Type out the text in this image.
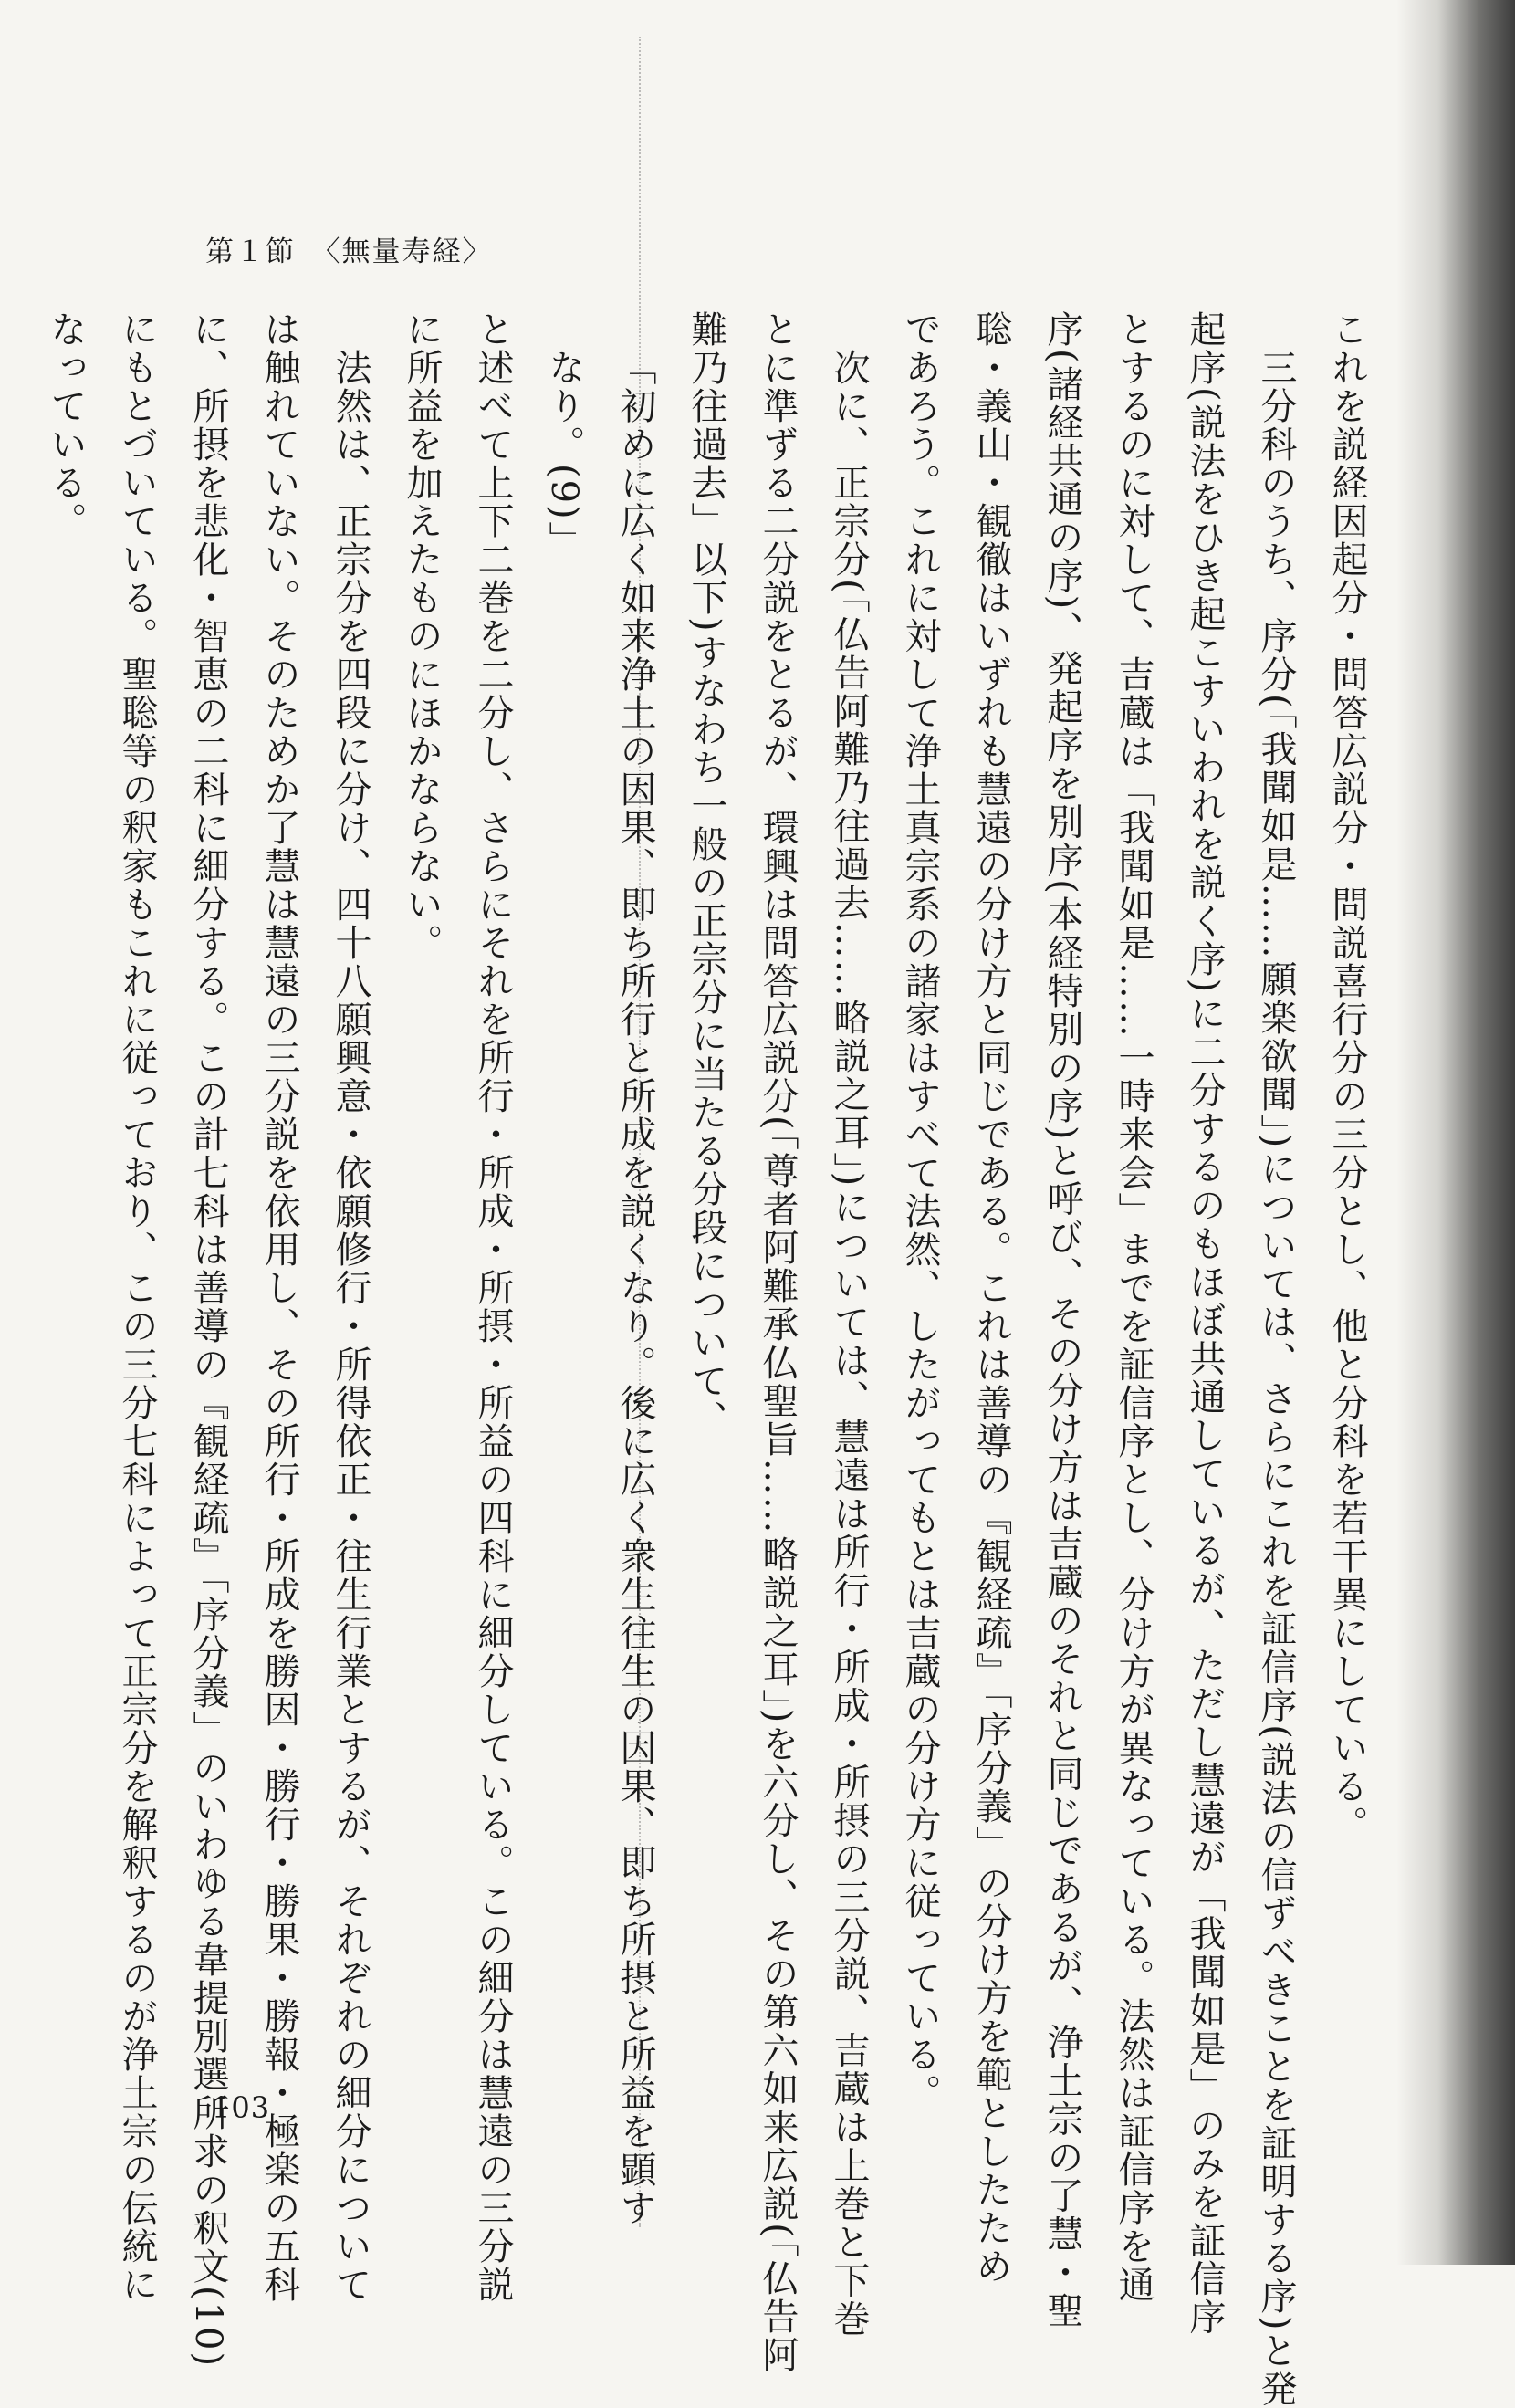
第１節　 〈無量寿経〉

これを説経因起分・問答広説分・問説喜行分の三分とし、他と分科を若干異にしている。

三分科のうち、序分(「我聞如是……願楽欲聞」)については、さらにこれを証信序(説法の信ずべきことを証明する序)と発

起序(説法をひき起こすいわれを説く序)に二分するのもほぼ共通しているが、ただし慧遠が「我聞如是」のみを証信序

とするのに対して、吉蔵は「我聞如是……一時来会」までを証信序とし、分け方が異なっている。法然は証信序を通

序(諸経共通の序)、発起序を別序(本経特別の序)と呼び、その分け方は吉蔵のそれと同じであるが、浄土宗の了慧・聖

聡・義山・観徹はいずれも慧遠の分け方と同じである。これは善導の『観経疏』「序分義」の分け方を範としたため

であろう。これに対して浄土真宗系の諸家はすべて法然、したがってもとは吉蔵の分け方に従っている。

次に、正宗分(「仏告阿難乃往過去……略説之耳」)については、慧遠は所行・所成・所摂の三分説、吉蔵は上巻と下巻

とに準ずる二分説をとるが、環興は問答広説分(「尊者阿難承仏聖旨……略説之耳」)を六分し、その第六如来広説(「仏告阿

難乃往過去」以下)すなわち一般の正宗分に当たる分段について、

「初めに広く如来浄土の因果、即ち所行と所成を説くなり。後に広く衆生往生の因果、即ち所摂と所益を顕す

なり。(9)」

と述べて上下二巻を二分し、さらにそれを所行・所成・所摂・所益の四科に細分している。この細分は慧遠の三分説

に所益を加えたものにほかならない。

法然は、正宗分を四段に分け、四十八願興意・依願修行・所得依正・往生行業とするが、それぞれの細分について

は触れていない。そのためか了慧は慧遠の三分説を依用し、その所行・所成を勝因・勝行・勝果・勝報・極楽の五科

に、所摂を悲化・智恵の二科に細分する。この計七科は善導の『観経疏』「序分義」のいわゆる韋提別選所求の釈文(10)

にもとづいている。聖聡等の釈家もこれに従っており、この三分七科によって正宗分を解釈するのが浄土宗の伝統に

なっている。

103
